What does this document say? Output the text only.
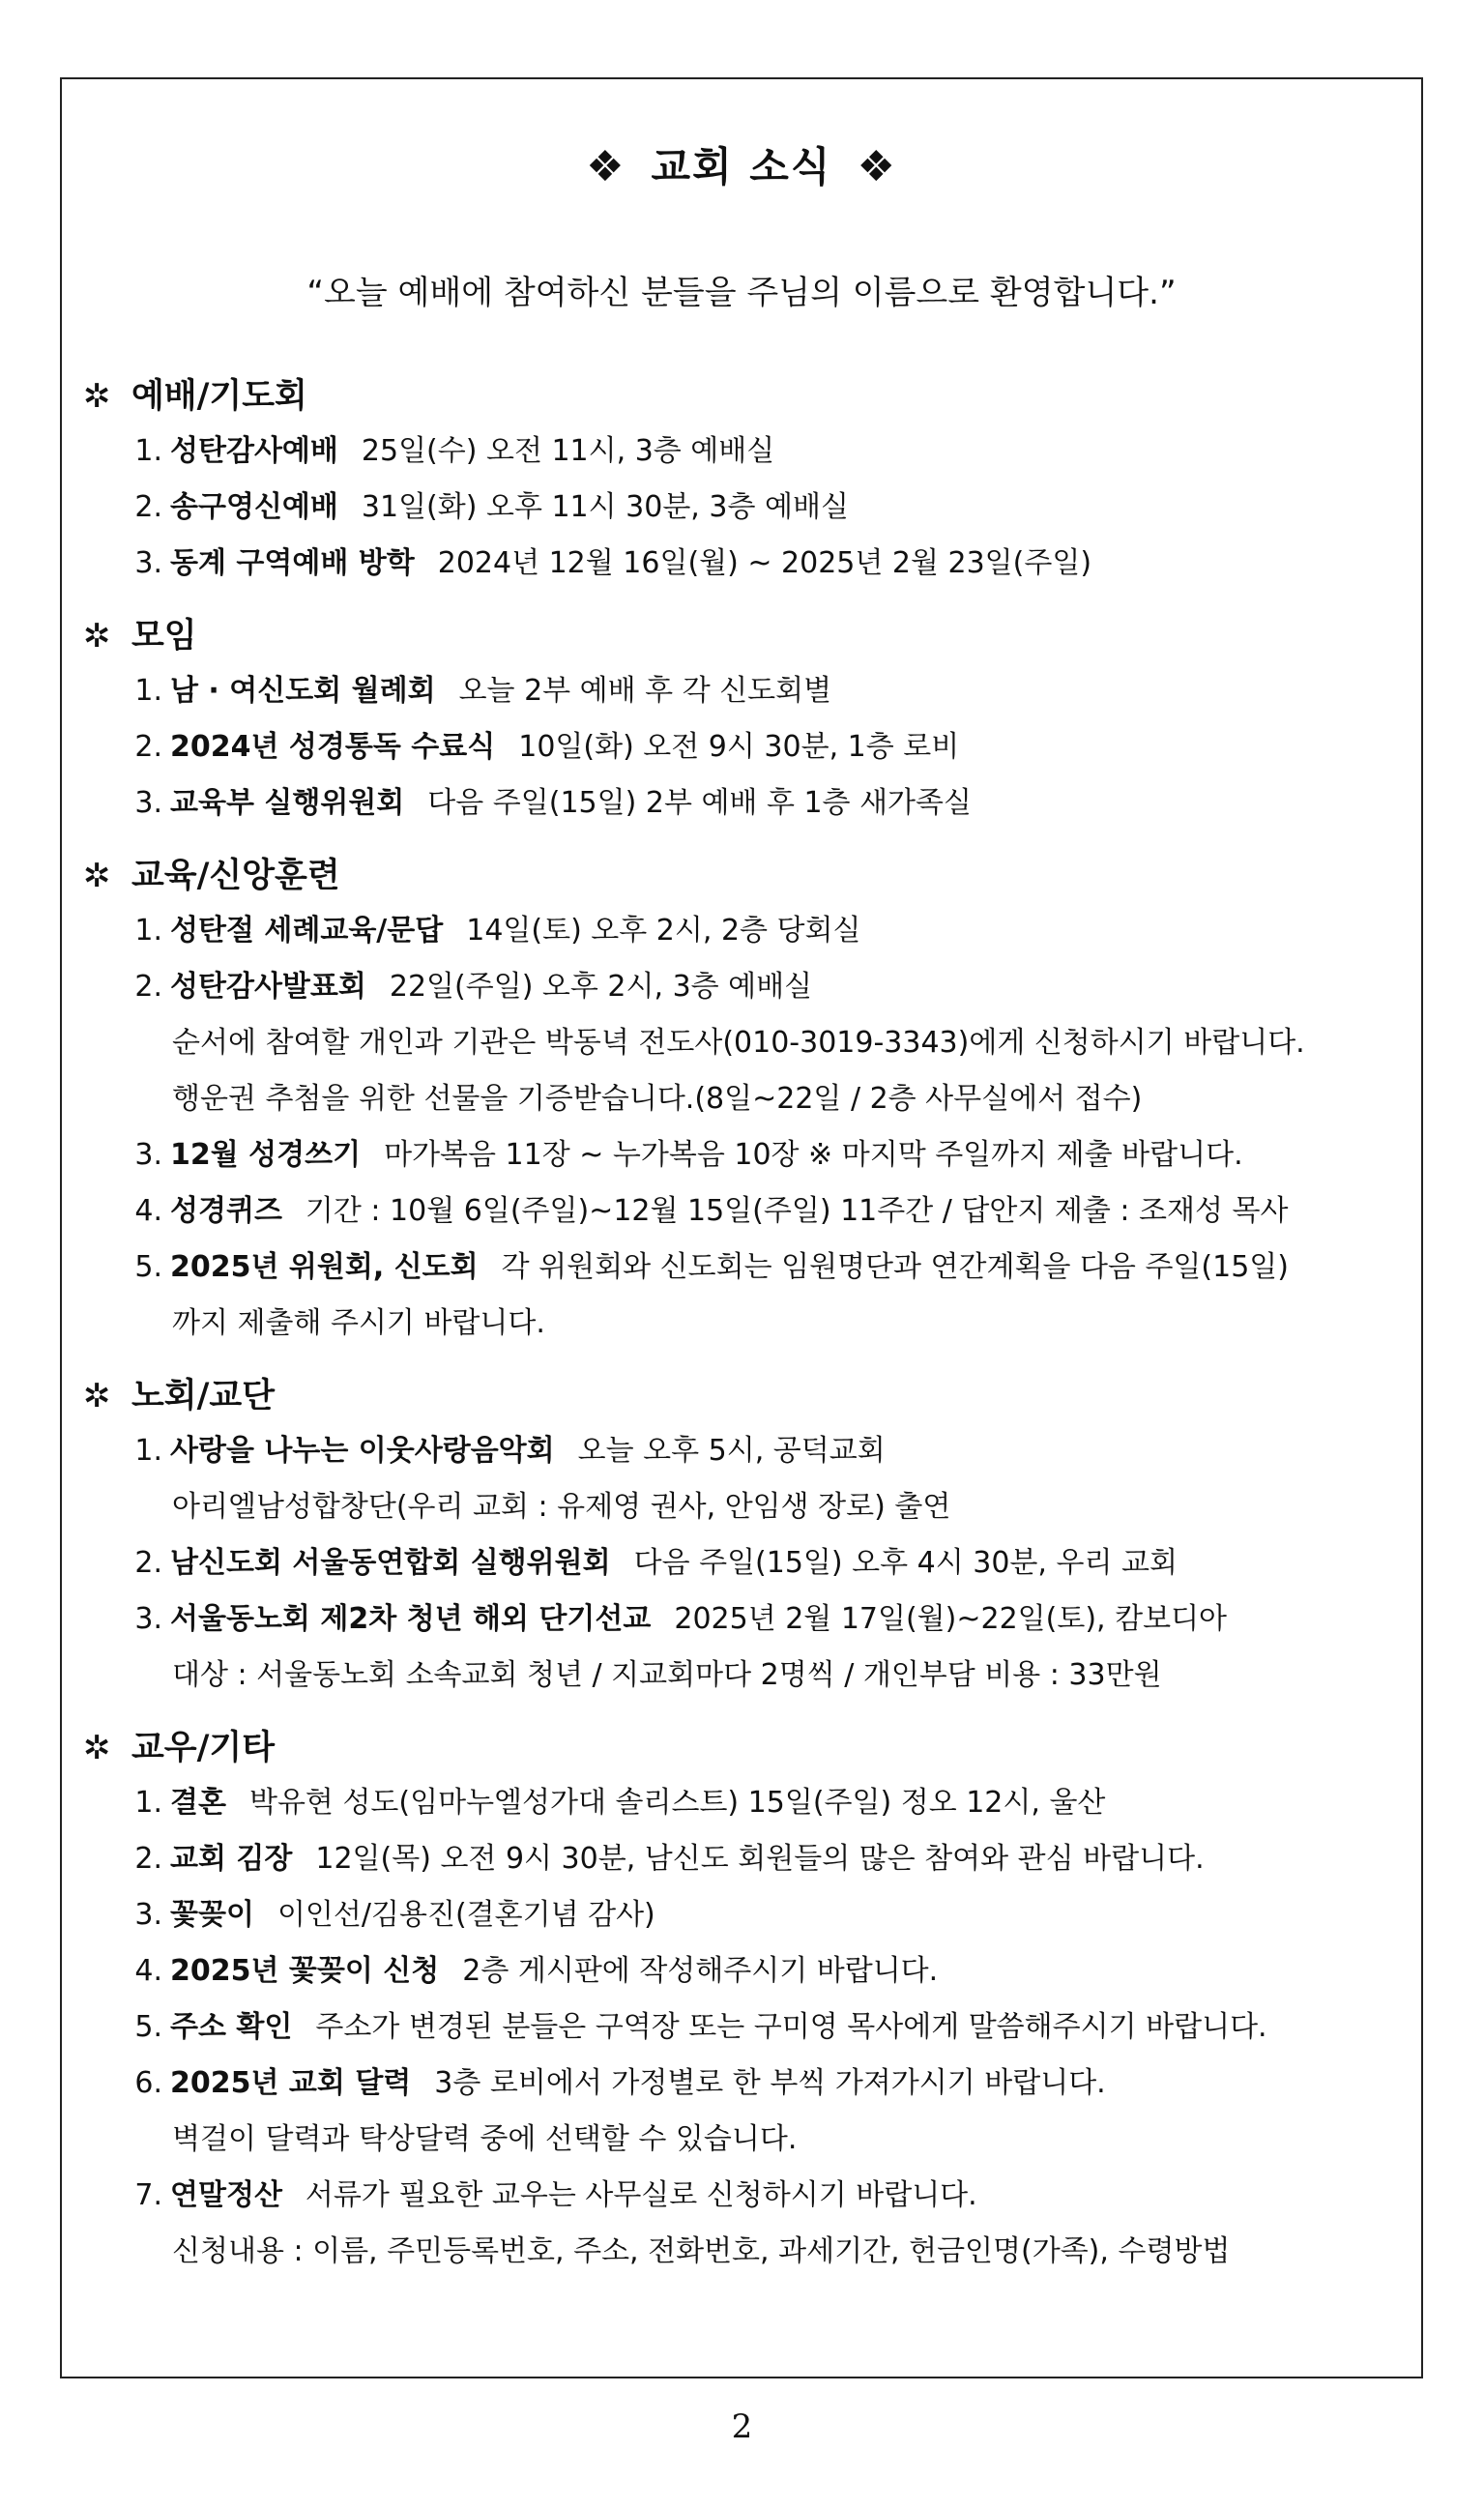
❖ 교회 소식 ❖
“오늘 예배에 참여하신 분들을 주님의 이름으로 환영합니다.”
✲ 예배/기도회
1. 성탄감사예배 25일(수) 오전 11시, 3층 예배실
2. 송구영신예배 31일(화) 오후 11시 30분, 3층 예배실
3. 동계 구역예배 방학 2024년 12월 16일(월) ~ 2025년 2월 23일(주일)
✲ 모임
1. 남 · 여신도회 월례회 오늘 2부 예배 후 각 신도회별
2. 2024년 성경통독 수료식 10일(화) 오전 9시 30분, 1층 로비
3. 교육부 실행위원회 다음 주일(15일) 2부 예배 후 1층 새가족실
✲ 교육/신앙훈련
1. 성탄절 세례교육/문답 14일(토) 오후 2시, 2층 당회실
2. 성탄감사발표회 22일(주일) 오후 2시, 3층 예배실
순서에 참여할 개인과 기관은 박동녁 전도사(010-3019-3343)에게 신청하시기 바랍니다.
행운권 추첨을 위한 선물을 기증받습니다.(8일~22일 / 2층 사무실에서 접수)
3. 12월 성경쓰기 마가복음 11장 ~ 누가복음 10장 ※ 마지막 주일까지 제출 바랍니다.
4. 성경퀴즈 기간 : 10월 6일(주일)~12월 15일(주일) 11주간 / 답안지 제출 : 조재성 목사
5. 2025년 위원회, 신도회 각 위원회와 신도회는 임원명단과 연간계획을 다음 주일(15일)
까지 제출해 주시기 바랍니다.
✲ 노회/교단
1. 사랑을 나누는 이웃사랑음악회 오늘 오후 5시, 공덕교회
아리엘남성합창단(우리 교회 : 유제영 권사, 안임생 장로) 출연
2. 남신도회 서울동연합회 실행위원회 다음 주일(15일) 오후 4시 30분, 우리 교회
3. 서울동노회 제2차 청년 해외 단기선교 2025년 2월 17일(월)~22일(토), 캄보디아
대상 : 서울동노회 소속교회 청년 / 지교회마다 2명씩 / 개인부담 비용 : 33만원
✲ 교우/기타
1. 결혼 박유현 성도(임마누엘성가대 솔리스트) 15일(주일) 정오 12시, 울산
2. 교회 김장 12일(목) 오전 9시 30분, 남신도 회원들의 많은 참여와 관심 바랍니다.
3. 꽃꽂이 이인선/김용진(결혼기념 감사)
4. 2025년 꽃꽂이 신청 2층 게시판에 작성해주시기 바랍니다.
5. 주소 확인 주소가 변경된 분들은 구역장 또는 구미영 목사에게 말씀해주시기 바랍니다.
6. 2025년 교회 달력 3층 로비에서 가정별로 한 부씩 가져가시기 바랍니다.
벽걸이 달력과 탁상달력 중에 선택할 수 있습니다.
7. 연말정산 서류가 필요한 교우는 사무실로 신청하시기 바랍니다.
신청내용 : 이름, 주민등록번호, 주소, 전화번호, 과세기간, 헌금인명(가족), 수령방법
2
